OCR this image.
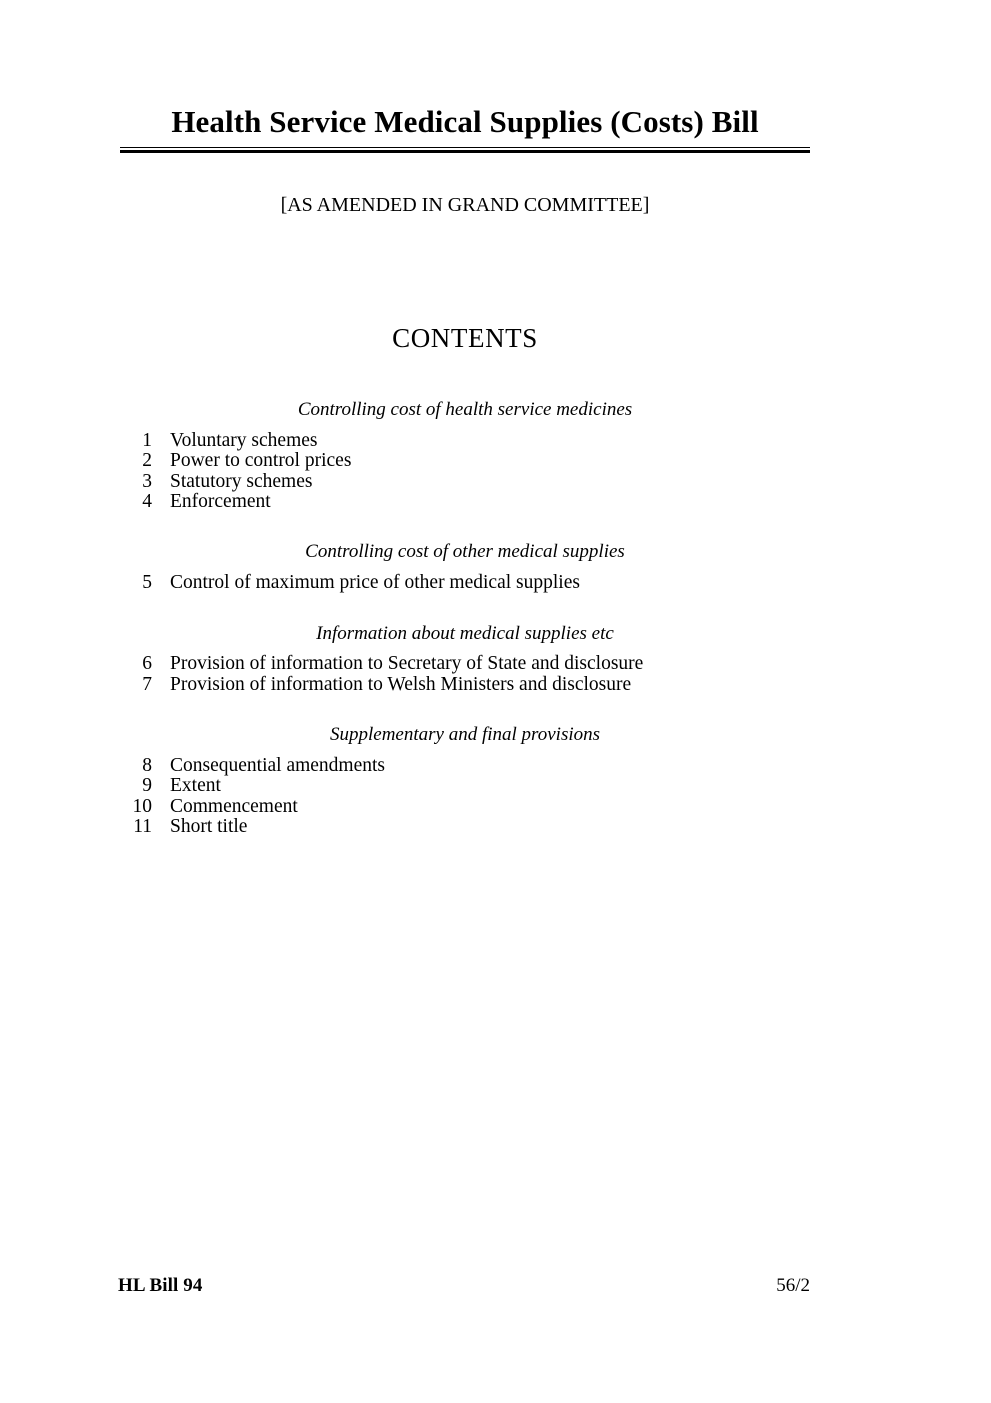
Health Service Medical Supplies (Costs) Bill
[AS AMENDED IN GRAND COMMITTEE]
CONTENTS
Controlling cost of health service medicines
1 Voluntary schemes
2 Power to control prices
3 Statutory schemes
4 Enforcement
Controlling cost of other medical supplies
5 Control of maximum price of other medical supplies
Information about medical supplies etc
6 Provision of information to Secretary of State and disclosure
7 Provision of information to Welsh Ministers and disclosure
Supplementary and final provisions
8 Consequential amendments
9 Extent
10 Commencement
11 Short title
HL Bill 94	56/2
